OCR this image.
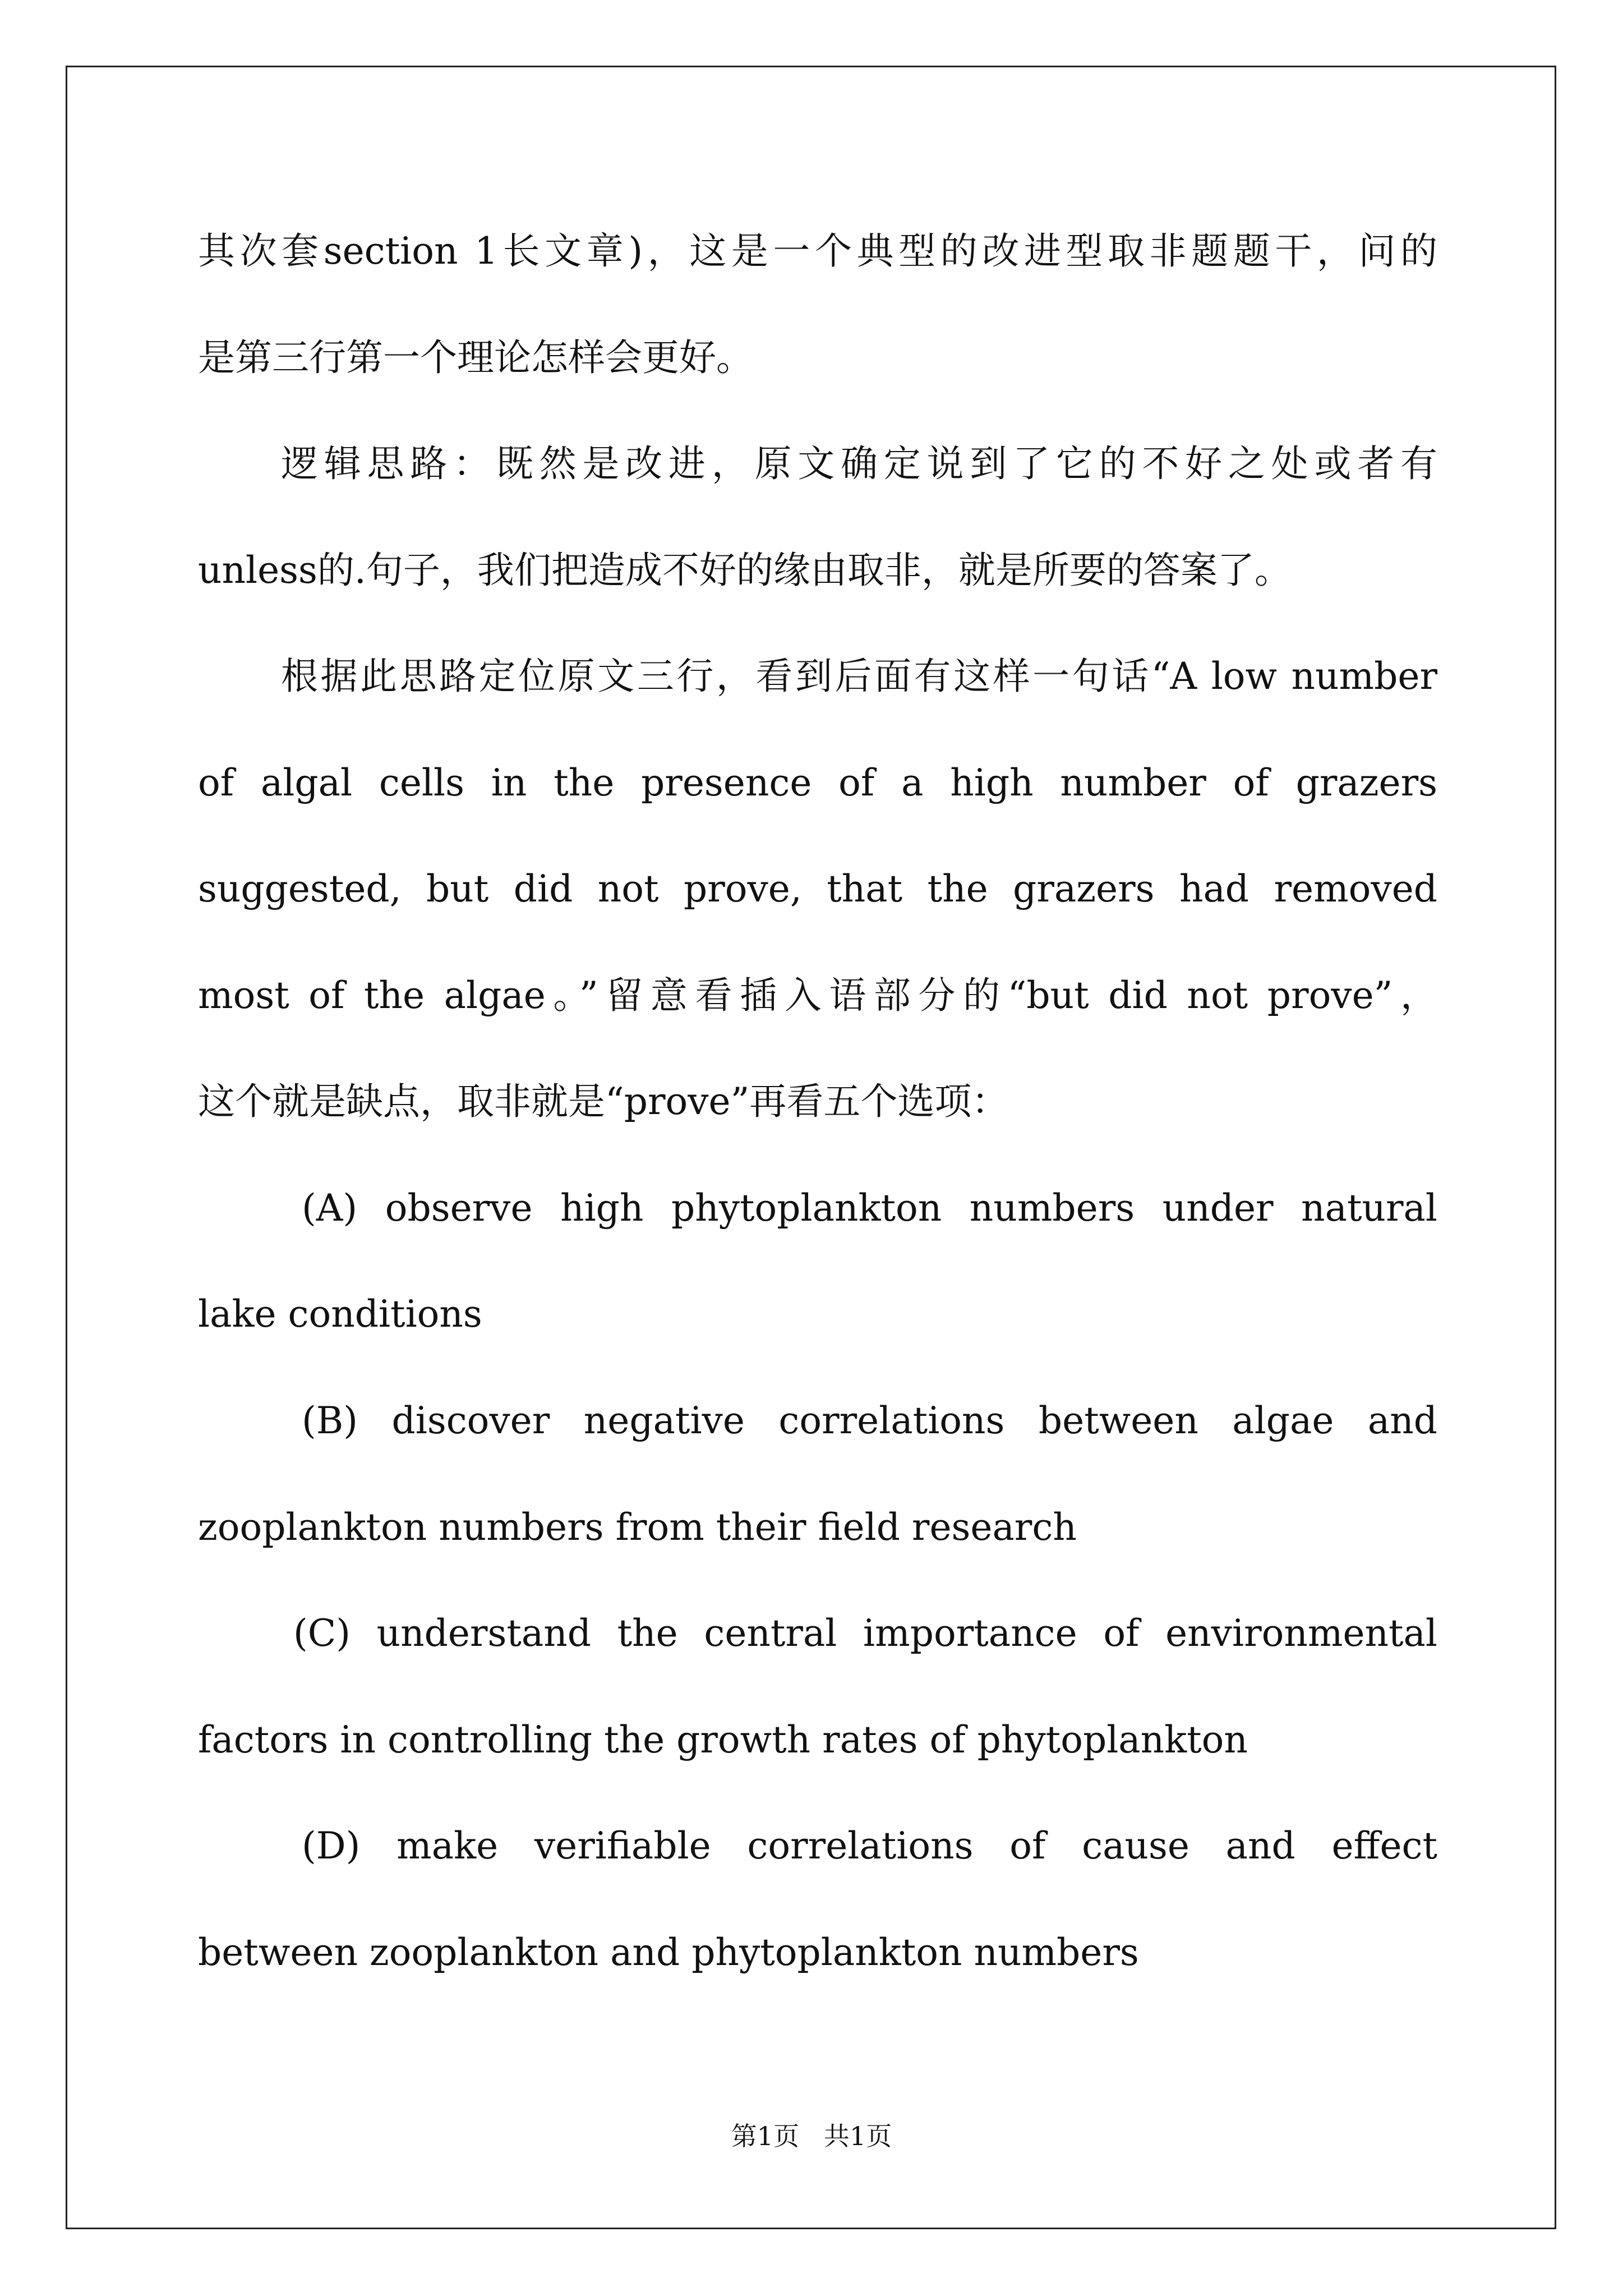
其次套section 1长文章)，这是一个典型的改进型取非题题干，问的
是第三行第一个理论怎样会更好。
逻辑思路：既然是改进，原文确定说到了它的不好之处或者有
unless的.句子，我们把造成不好的缘由取非，就是所要的答案了。
根据此思路定位原文三行，看到后面有这样一句话“A low number
of algal cells in the presence of a high number of grazers
suggested, but did not prove, that the grazers had removed
most of the algae。”留意看插入语部分的“but did not prove”，
这个就是缺点，取非就是“prove”再看五个选项：
(A) observe high phytoplankton numbers under natural
lake conditions
(B) discover negative correlations between algae and
zooplankton numbers from their field research
(C) understand the central importance of environmental
factors in controlling the growth rates of phytoplankton
(D) make verifiable correlations of cause and effect
between zooplankton and phytoplankton numbers
第1页   共1页
